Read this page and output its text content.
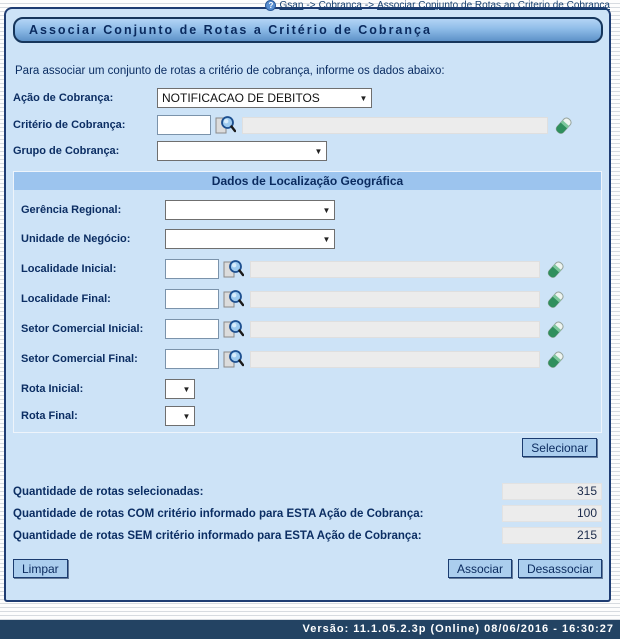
? Gsan -> Cobranca -> Associar Conjunto de Rotas ao Criterio de Cobranca
Associar Conjunto de Rotas a Critério de Cobrança
Para associar um conjunto de rotas a critério de cobrança, informe os dados abaixo:
Ação de Cobrança:	NOTIFICACAO DE DEBITOS	▼
Critério de Cobrança:
Grupo de Cobrança:	▼
Dados de Localização Geográfica
Gerência Regional:	▼
Unidade de Negócio:	▼
Localidade Inicial:
Localidade Final:
Setor Comercial Inicial:
Setor Comercial Final:
Rota Inicial:	▼
Rota Final:	▼
Selecionar
Quantidade de rotas selecionadas:	315
Quantidade de rotas COM critério informado para ESTA Ação de Cobrança:	100
Quantidade de rotas SEM critério informado para ESTA Ação de Cobrança:	215
Limpar	Associar	Desassociar
Versão: 11.1.05.2.3p (Online) 08/06/2016 - 16:30:27
